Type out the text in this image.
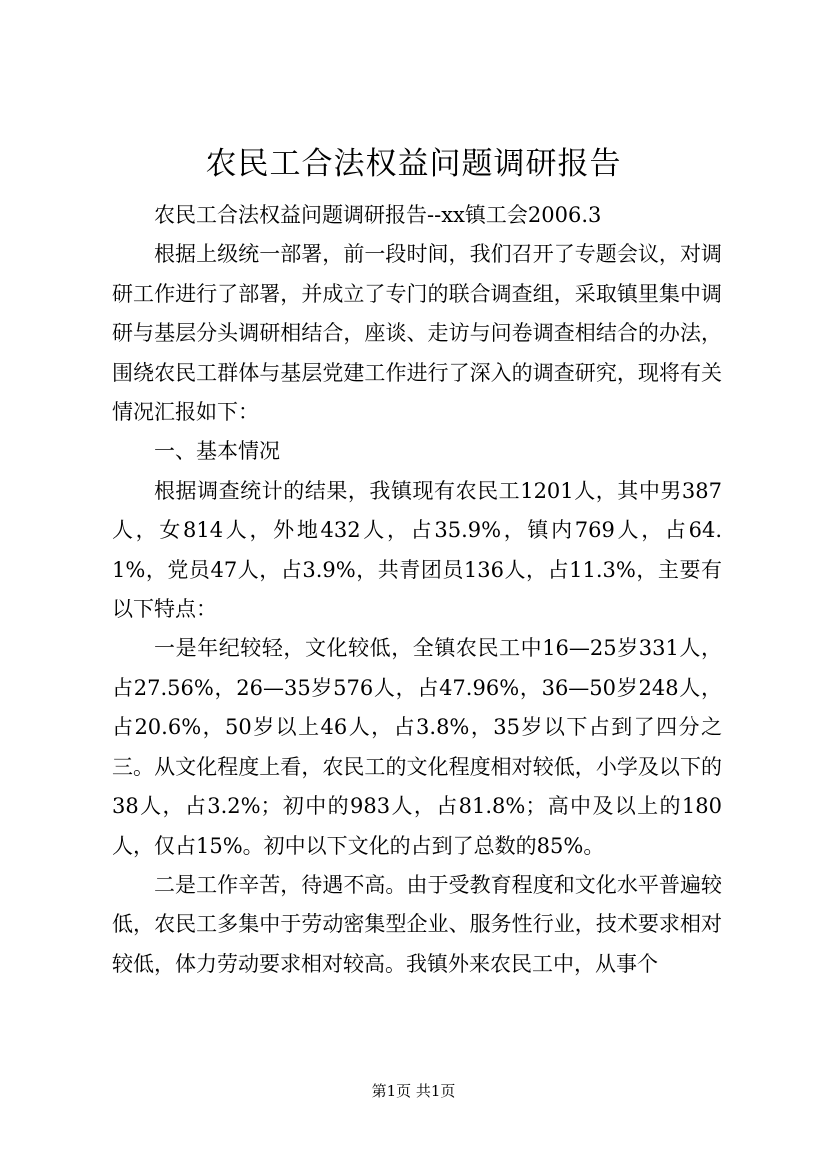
农民工合法权益问题调研报告

农民工合法权益问题调研报告--xx镇工会2006.3

根据上级统一部署，前一段时间，我们召开了专题会议，对调研工作进行了部署，并成立了专门的联合调查组，采取镇里集中调研与基层分头调研相结合，座谈、走访与问卷调查相结合的办法，围绕农民工群体与基层党建工作进行了深入的调查研究，现将有关情况汇报如下：

一、基本情况

根据调查统计的结果，我镇现有农民工1201人，其中男387人，女814人，外地432人，占35.9%，镇内769人，占64.1%，党员47人，占3.9%，共青团员136人，占11.3%，主要有以下特点：

一是年纪较轻，文化较低，全镇农民工中16—25岁331人，占27.56%，26—35岁576人，占47.96%，36—50岁248人，占20.6%，50岁以上46人，占3.8%，35岁以下占到了四分之三。从文化程度上看，农民工的文化程度相对较低，小学及以下的38人，占3.2%；初中的983人，占81.8%；高中及以上的180人，仅占15%。初中以下文化的占到了总数的85%。

二是工作辛苦，待遇不高。由于受教育程度和文化水平普遍较低，农民工多集中于劳动密集型企业、服务性行业，技术要求相对较低，体力劳动要求相对较高。我镇外来农民工中，从事个

第1页 共1页
